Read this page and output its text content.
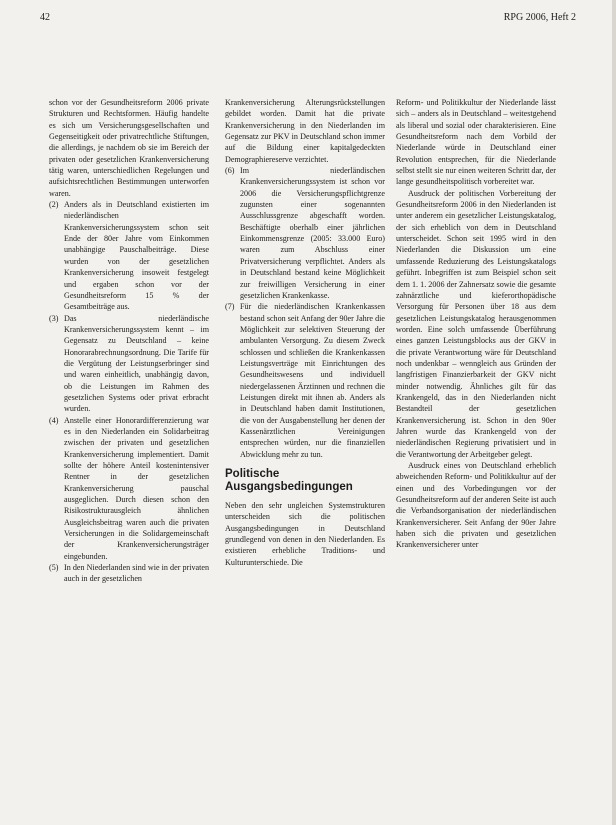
42	RPG 2006, Heft 2

schon vor der Gesundheitsreform 2006 private Strukturen und Rechtsformen. Häufig handelte es sich um Versicherungsgesellschaften und Gegenseitigkeit oder privatrechtliche Stiftungen, die allerdings, je nachdem ob sie im Bereich der privaten oder gesetzlichen Krankenversicherung tätig waren, unterschiedlichen Regelungen und aufsichtsrechtlichen Bestimmungen unterworfen waren.

(2) Anders als in Deutschland existierten im niederländischen Krankenversicherungssystem schon seit Ende der 80er Jahre vom Einkommen unabhängige Pauschalbeiträge. Diese wurden von der gesetzlichen Krankenversicherung insoweit festgelegt und ergaben schon vor der Gesundheitsreform 15 % der Gesamtbeiträge aus.

(3) Das niederländische Krankenversicherungssystem kennt – im Gegensatz zu Deutschland – keine Honorarabrechnungsordnung. Die Tarife für die Vergütung der Leistungserbringer sind und waren einheitlich, unabhängig davon, ob die Leistungen im Rahmen des gesetzlichen Systems oder privat erbracht wurden.

(4) Anstelle einer Honorardifferenzierung war es in den Niederlanden ein Solidarbeitrag zwischen der privaten und gesetzlichen Krankenversicherung implementiert. Damit sollte der höhere Anteil kostenintensiver Rentner in der gesetzlichen Krankenversicherung pauschal ausgeglichen. Durch diesen schon den Risikostrukturausgleich ähnlichen Ausgleichsbeitrag waren auch die privaten Versicherungen in die Solidargemeinschaft der Krankenversicherungsträger eingebunden.

(5) In den Niederlanden sind wie in der privaten auch in der gesetzlichen

Krankenversicherung Alterungsrückstellungen gebildet worden. Damit hat die private Krankenversicherung in den Niederlanden im Gegensatz zur PKV in Deutschland schon immer auf die Bildung einer kapitalgedeckten Demographiereserve verzichtet.

(6) Im niederländischen Krankenversicherungssystem ist schon vor 2006 die Versicherungspflichtgrenze zugunsten einer sogenannten Ausschlussgrenze abgeschafft worden. Beschäftigte oberhalb einer jährlichen Einkommensgrenze (2005: 33.000 Euro) waren zum Abschluss einer Privatversicherung verpflichtet. Anders als in Deutschland bestand keine Möglichkeit zur freiwilligen Versicherung in einer gesetzlichen Krankenkasse.

(7) Für die niederländischen Krankenkassen bestand schon seit Anfang der 90er Jahre die Möglichkeit zur selektiven Steuerung der ambulanten Versorgung. Zu diesem Zweck schlossen und schließen die Krankenkassen Leistungsverträge mit Einrichtungen des Gesundheitswesens und individuell niedergelassenen Ärztinnen und rechnen die Leistungen direkt mit ihnen ab. Anders als in Deutschland haben damit Institutionen, die von der Ausgabenstellung her denen der Kassenärztlichen Vereinigungen entsprechen würden, nur die finanziellen Abwicklung mehr zu tun.

Politische Ausgangsbedingungen

Neben den sehr ungleichen Systemstrukturen unterscheiden sich die politischen Ausgangsbedingungen in Deutschland grundlegend von denen in den Niederlanden. Es existieren erhebliche Traditions- und Kulturunterschiede. Die

Reform- und Politikkultur der Niederlande lässt sich – anders als in Deutschland – weitestgehend als liberal und sozial oder charakterisieren. Eine Gesundheitsreform nach dem Vorbild der Niederlande würde in Deutschland einer Revolution entsprechen, für die Niederlande selbst stellt sie nur einen weiteren Schritt dar, der lange gesundheitspolitisch vorbereitet war.

Ausdruck der politischen Vorbereitung der Gesundheitsreform 2006 in den Niederlanden ist unter anderem ein gesetzlicher Leistungskatalog, der sich erheblich von dem in Deutschland unterscheidet. Schon seit 1995 wird in den Niederlanden die Diskussion um eine umfassende Reduzierung des Leistungskatalogs geführt. Inbegriffen ist zum Beispiel schon seit dem 1. 1. 2006 der Zahnersatz sowie die gesamte zahnärztliche und kieferorthopädische Versorgung für Personen über 18 aus dem gesetzlichen Leistungskatalog herausgenommen worden. Eine solch umfassende Überführung eines ganzen Leistungsblocks aus der GKV in die private Verantwortung wäre für Deutschland noch undenkbar – wenngleich aus Gründen der langfristigen Finanzierbarkeit der GKV nicht minder notwendig. Ähnliches gilt für das Krankengeld, das in den Niederlanden nicht Bestandteil der gesetzlichen Krankenversicherung ist. Schon in den 90er Jahren wurde das Krankengeld von der niederländischen Regierung privatisiert und in die Verantwortung der Arbeitgeber gelegt.

Ausdruck eines von Deutschland erheblich abweichenden Reform- und Politikkultur auf der einen und des Vorbedingungen vor der Gesundheitsreform auf der anderen Seite ist auch die Verbandsorganisation der niederländischen Krankenversicherer. Seit Anfang der 90er Jahre haben sich die privaten und gesetzlichen Krankenversicherer unter
